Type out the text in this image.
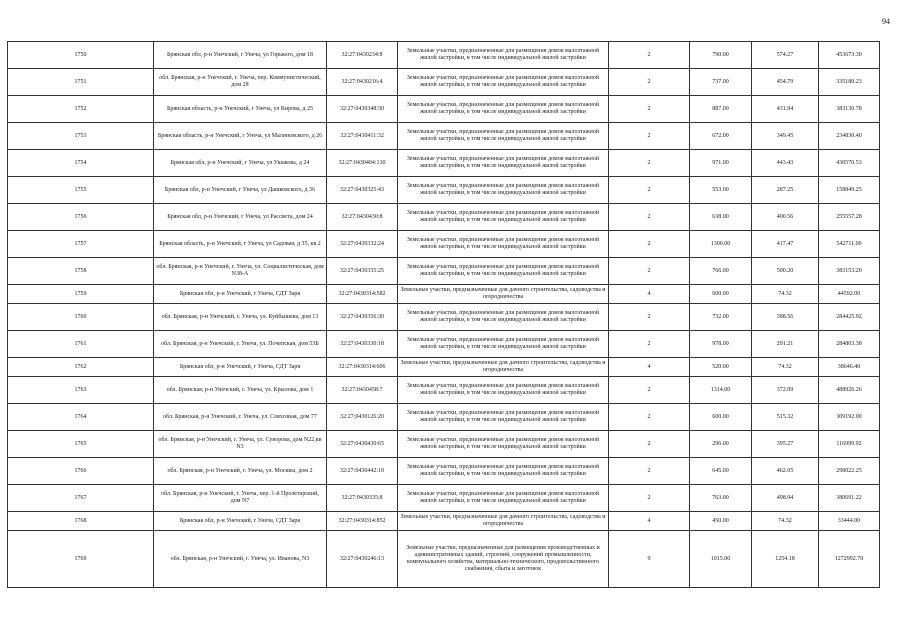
94
1750	Брянская обл, р-н Унечский, г Унеча, ул Горького, дом 18	32:27:0430234:8	Земельные участки, предназначенные для размещения домов малоэтажной жилой застройки, в том числе индивидуальной жилой застройки	2	790.00	574.27	453673.30
1751	обл. Брянская, р-н Унечский, г. Унеча, пер. Коммунистический, дом 28	32:27:0430216:4	Земельные участки, предназначенные для размещения домов малоэтажной жилой застройки, в том числе индивидуальной жилой застройки	2	737.00	454.79	335180.23
1752	Брянская область, р-н Унечский, г Унеча, ул Кирова, д 25	32:27:0430348:30	Земельные участки, предназначенные для размещения домов малоэтажной жилой застройки, в том числе индивидуальной жилой застройки	2	887.00	431.94	383130.78
1753	Брянская область, р-н Унечский, г Унеча, ул Малиновского, д 26	32:27:0430411:32	Земельные участки, предназначенные для размещения домов малоэтажной жилой застройки, в том числе индивидуальной жилой застройки	2	672.00	349.45	234830.40
1754	Брянская обл, р-н Унечский, г Унеча, ул Ушакова, д 24	32:27:0430404:130	Земельные участки, предназначенные для размещения домов малоэтажной жилой застройки, в том числе индивидуальной жилой застройки	2	971.00	443.43	430570.53
1755	Брянская обл, р-н Унечский, г Унеча, ул Дашковского, д 36	32:27:0430325:43	Земельные участки, предназначенные для размещения домов малоэтажной жилой застройки, в том числе индивидуальной жилой застройки	2	553.00	287.25	158849.25
1756	Брянская обл, р-н Унечский, г Унеча, ул Рассвета, дом 24	32:27:0430430:8	Земельные участки, предназначенные для размещения домов малоэтажной жилой застройки, в том числе индивидуальной жилой застройки	2	638.00	400.56	255557.28
1757	Брянская область, р-н Унечский, г Унеча, ул Садовая, д 35, кв 2	32:27:0430332:24	Земельные участки, предназначенные для размещения домов малоэтажной жилой застройки, в том числе индивидуальной жилой застройки	2	1300.00	417.47	542711.00
1758	обл. Брянская, р-н Унечский, г. Унеча, ул. Социалистическая, дом N38-А	32:27:0430335:25	Земельные участки, предназначенные для размещения домов малоэтажной жилой застройки, в том числе индивидуальной жилой застройки	2	766.00	500.20	383153.20
1759	Брянская обл, р-н Унечский, г Унеча, СДТ Заря	32:27:0430314:582	Земельные участки, предназначенные для дачного строительства, садоводства и огородничества	4	600.00	74.32	44592.00
1760	обл. Брянская, р-н Унечский, г. Унеча, ул. Куйбышева, дом 13	32:27:0430356:30	Земельные участки, предназначенные для размещения домов малоэтажной жилой застройки, в том числе индивидуальной жилой застройки	2	732.00	388.56	284425.92
1761	обл. Брянская, р-н Унечский, г. Унеча, ул. Почепская, дом 53Б	32:27:0430330:18	Земельные участки, предназначенные для размещения домов малоэтажной жилой застройки, в том числе индивидуальной жилой застройки	2	978.00	291.21	284803.38
1762	Брянская обл, р-н Унечский, г Унеча, СДТ Заря	32:27:0430314:606	Земельные участки, предназначенные для дачного строительства, садоводства и огородничества	4	520.00	74.32	38646.40
1763	обл. Брянская, р-н Унечский, г. Унеча, ул. Крылова, дом 1	32:27:0430458:7	Земельные участки, предназначенные для размещения домов малоэтажной жилой застройки, в том числе индивидуальной жилой застройки	2	1314.00	372.09	488926.26
1764	обл. Брянская, р-н Унечский, г. Унеча, ул. Совхозная, дом 77	32:27:0430126:20	Земельные участки, предназначенные для размещения домов малоэтажной жилой застройки, в том числе индивидуальной жилой застройки	2	600.00	515.32	309192.00
1765	обл. Брянская, р-н Унечский, г. Унеча, ул. Суворова, дом N22,кв N3	32:27:0430430:65	Земельные участки, предназначенные для размещения домов малоэтажной жилой застройки, в том числе индивидуальной жилой застройки	2	296.00	395.27	116999.92
1766	обл. Брянская, р-н Унечский, г. Унеча, ул. Москвы, дом 2	32:27:0430442:10	Земельные участки, предназначенные для размещения домов малоэтажной жилой застройки, в том числе индивидуальной жилой застройки	2	645.00	462.05	298022.25
1767	обл. Брянская, р-н Унечский, г. Унеча, пер. 1-й Пролетарский, дом N7	32:27:0430335:8	Земельные участки, предназначенные для размещения домов малоэтажной жилой застройки, в том числе индивидуальной жилой застройки	2	763.00	498.94	380691.22
1768	Брянская обл, р-н Унечский, г Унеча, СДТ Заря	32:27:0430314:852	Земельные участки, предназначенные для дачного строительства, садоводства и огородничества	4	450.00	74.32	33444.00
1769	обл. Брянская, р-н Унечский, г. Унеча, ул. Иванова, N3	32:27:0430246:13	Земельные участки, предназначенные для размещения производственных и административных зданий, строений, сооружений промышленности, коммунального хозяйства, материально-технического, продовольственного снабжения, сбыта и заготовок	9	1015.00	1254.18	1272992.70
